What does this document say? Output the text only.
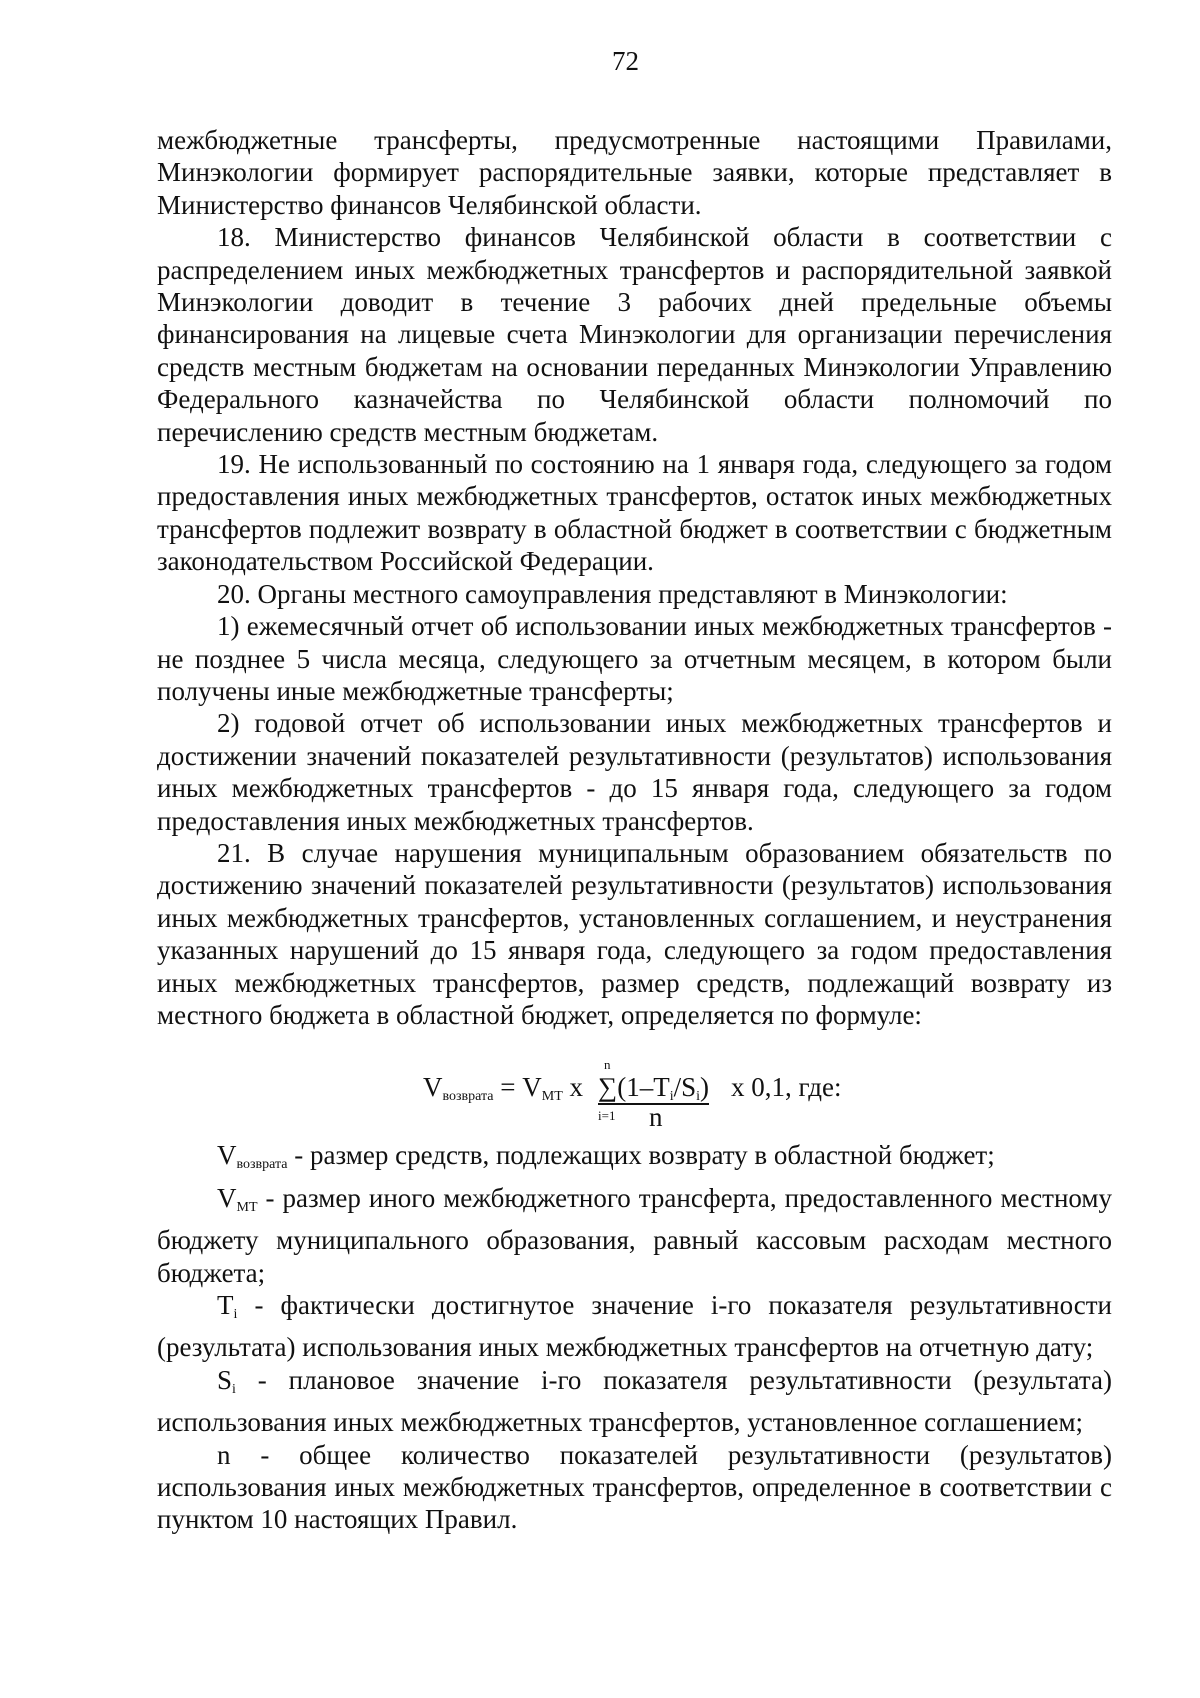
72

межбюджетные трансферты, предусмотренные настоящими Правилами, Минэкологии формирует распорядительные заявки, которые представляет в Министерство финансов Челябинской области.

18. Министерство финансов Челябинской области в соответствии с распределением иных межбюджетных трансфертов и распорядительной заявкой Минэкологии доводит в течение 3 рабочих дней предельные объемы финансирования на лицевые счета Минэкологии для организации перечисления средств местным бюджетам на основании переданных Минэкологии Управлению Федерального казначейства по Челябинской области полномочий по перечислению средств местным бюджетам.

19. Не использованный по состоянию на 1 января года, следующего за годом предоставления иных межбюджетных трансфертов, остаток иных межбюджетных трансфертов подлежит возврату в областной бюджет в соответствии с бюджетным законодательством Российской Федерации.

20. Органы местного самоуправления представляют в Минэкологии:

1) ежемесячный отчет об использовании иных межбюджетных трансфертов - не позднее 5 числа месяца, следующего за отчетным месяцем, в котором были получены иные межбюджетные трансферты;

2) годовой отчет об использовании иных межбюджетных трансфертов и достижении значений показателей результативности (результатов) использования иных межбюджетных трансфертов - до 15 января года, следующего за годом предоставления иных межбюджетных трансфертов.

21. В случае нарушения муниципальным образованием обязательств по достижению значений показателей результативности (результатов) использования иных межбюджетных трансфертов, установленных соглашением, и неустранения указанных нарушений до 15 января года, следующего за годом предоставления иных межбюджетных трансфертов, размер средств, подлежащий возврату из местного бюджета в областной бюджет, определяется по формуле:

$V_{возврата} = V_{МТ}$ x
n
$\sum(1-T_i/S_i)$ x 0,1, где:
i=1 n

$V_{возврата}$ - размер средств, подлежащих возврату в областной бюджет;

$V_{МТ}$ - размер иного межбюджетного трансферта, предоставленного местному бюджету муниципального образования, равный кассовым расходам местного бюджета;

$T_i$ - фактически достигнутое значение i-го показателя результативности (результата) использования иных межбюджетных трансфертов на отчетную дату;

$S_i$ - плановое значение i-го показателя результативности (результата) использования иных межбюджетных трансфертов, установленное соглашением;

n - общее количество показателей результативности (результатов) использования иных межбюджетных трансфертов, определенное в соответствии с пунктом 10 настоящих Правил.
